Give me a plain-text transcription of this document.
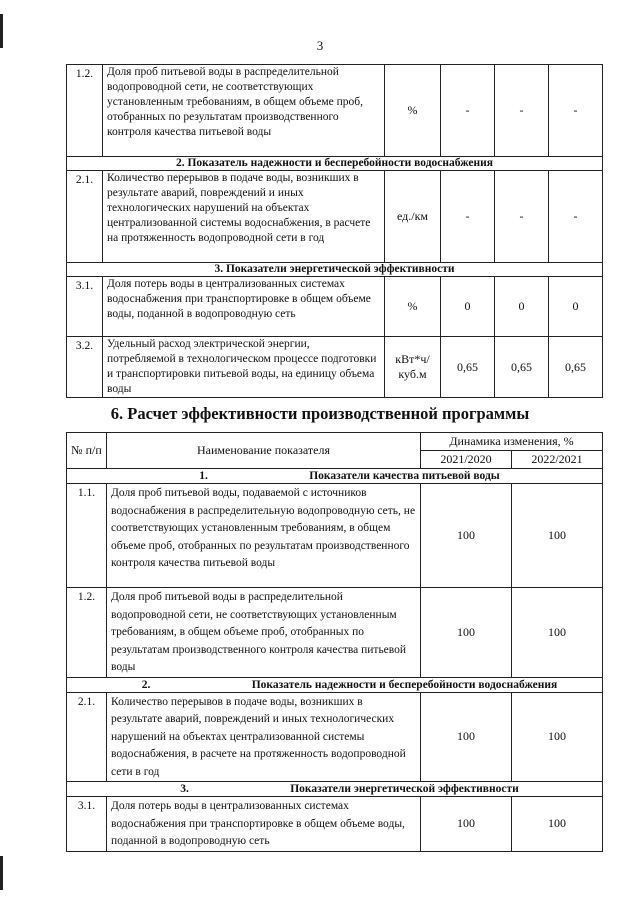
3
1.2.	Доля проб питьевой воды в распределительной водопроводной сети, не соответствующих установленным требованиям, в общем объеме проб, отобранных по результатам производственного контроля качества питьевой воды	%	-	-	-
2. Показатель надежности и бесперебойности водоснабжения					
2.1.	Количество перерывов в подаче воды, возникших в результате аварий, повреждений и иных технологических нарушений на объектах централизованной системы водоснабжения, в расчете на протяженность водопроводной сети в год	ед./км	-	-	-
3. Показатели энергетической эффективности					
3.1.	Доля потерь воды в централизованных системах водоснабжения при транспортировке в общем объеме воды, поданной в водопроводную сеть	%	0	0	0
3.2.	Удельный расход электрической энергии, потребляемой в технологическом процессе подготовки и транспортировки питьевой воды, на единицу объема воды	кВт*ч/ куб.м	0,65	0,65	0,65
6. Расчет эффективности производственной программы
№ п/п	Наименование показателя	Динамика изменения, %	
		2021/2020	2022/2021
1. Показатели качества питьевой воды			
1.1.	Доля проб питьевой воды, подаваемой с источников водоснабжения в распределительную водопроводную сеть, не соответствующих установленным требованиям, в общем объеме проб, отобранных по результатам производственного контроля качества питьевой воды	100	100
1.2.	Доля проб питьевой воды в распределительной водопроводной сети, не соответствующих установленным требованиям, в общем объеме проб, отобранных по результатам производственного контроля качества питьевой воды	100	100
2. Показатель надежности и бесперебойности водоснабжения			
2.1.	Количество перерывов в подаче воды, возникших в результате аварий, повреждений и иных технологических нарушений на объектах централизованной системы водоснабжения, в расчете на протяженность водопроводной сети в год	100	100
3. Показатели энергетической эффективности			
3.1.	Доля потерь воды в централизованных системах водоснабжения при транспортировке в общем объеме воды, поданной в водопроводную сеть	100	100
